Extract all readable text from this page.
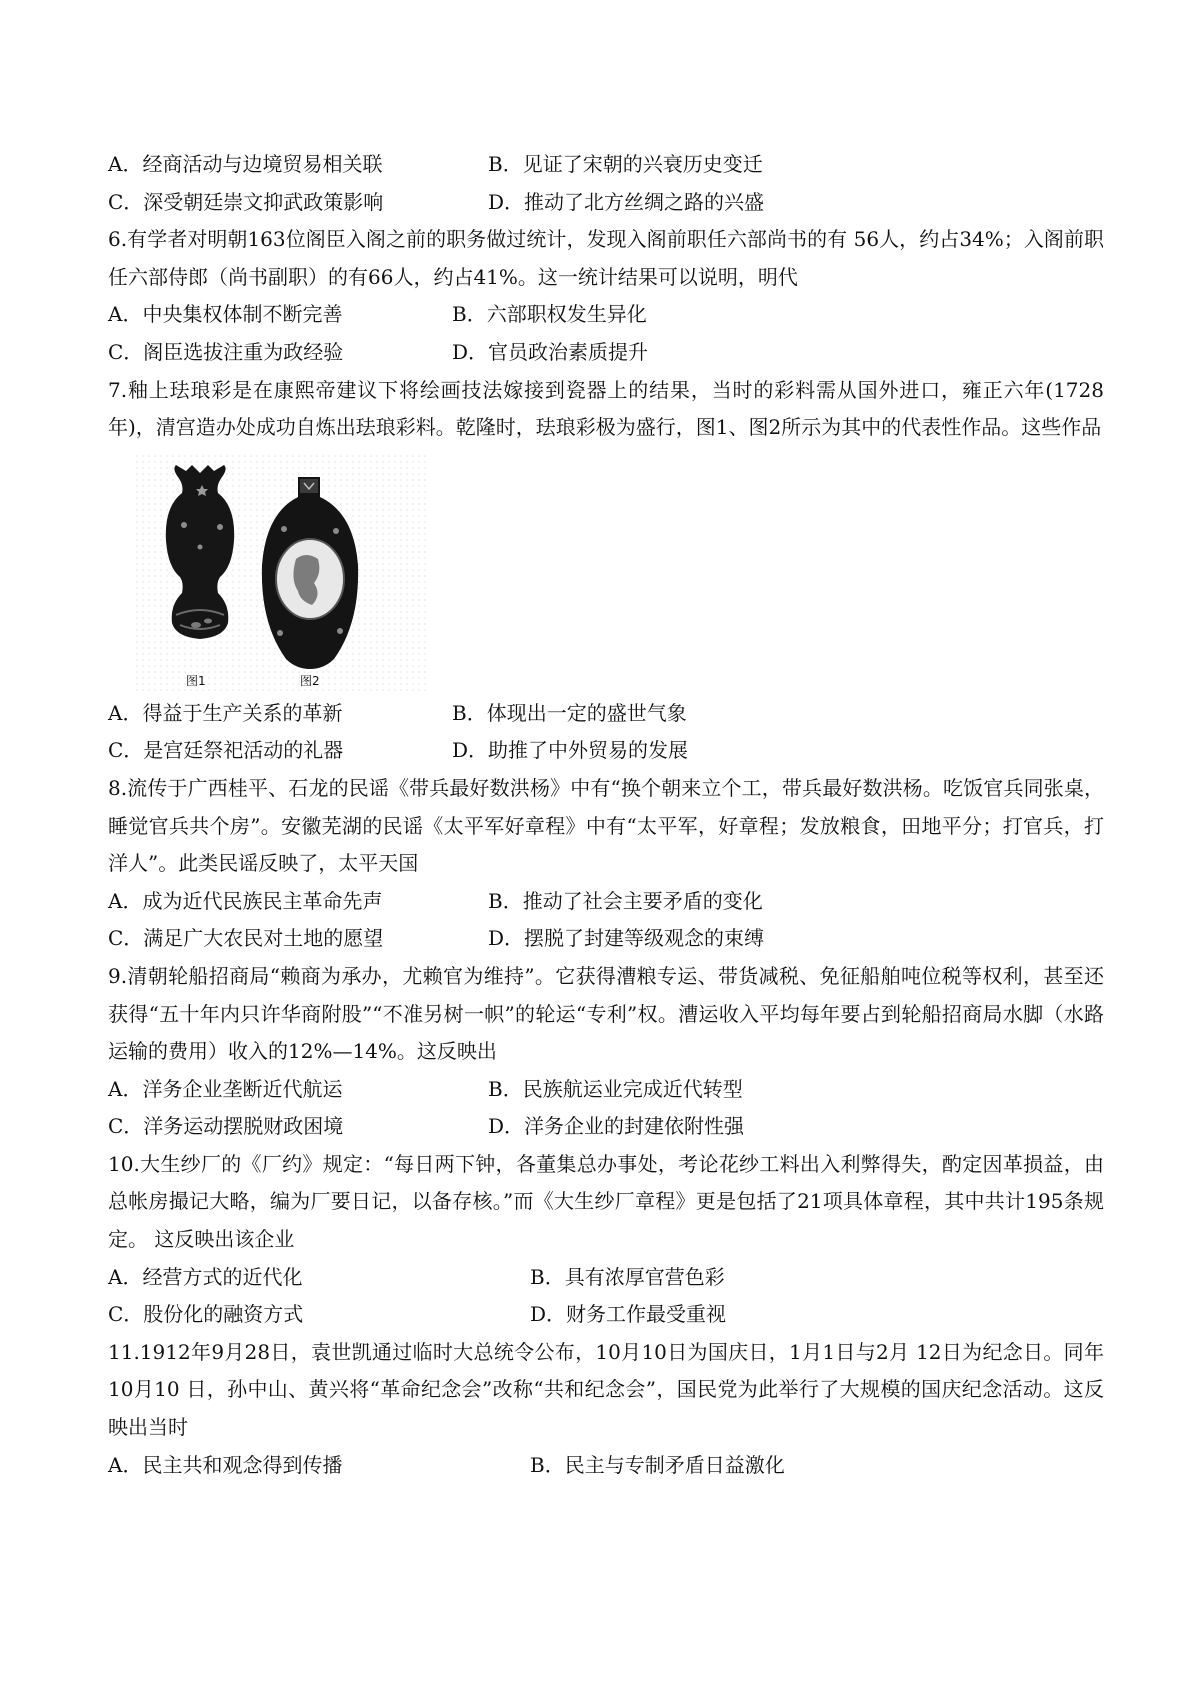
A．经商活动与边境贸易相关联	B．见证了宋朝的兴衰历史变迁
C．深受朝廷崇文抑武政策影响	D．推动了北方丝绸之路的兴盛
6.有学者对明朝163位阁臣入阁之前的职务做过统计，发现入阁前职任六部尚书的有 56人，约占34%；入阁前职任六部侍郎（尚书副职）的有66人，约占41%。这一统计结果可以说明，明代
A．中央集权体制不断完善	B．六部职权发生异化
C．阁臣选拔注重为政经验	D．官员政治素质提升
7.釉上珐琅彩是在康熙帝建议下将绘画技法嫁接到瓷器上的结果，当时的彩料需从国外进口，雍正六年(1728年)，清宫造办处成功自炼出珐琅彩料。乾隆时，珐琅彩极为盛行，图1、图2所示为其中的代表性作品。这些作品
图1	图2
A．得益于生产关系的革新	B．体现出一定的盛世气象
C．是宫廷祭祀活动的礼器	D．助推了中外贸易的发展
8.流传于广西桂平、石龙的民谣《带兵最好数洪杨》中有“换个朝来立个工，带兵最好数洪杨。吃饭官兵同张桌，睡觉官兵共个房”。安徽芜湖的民谣《太平军好章程》中有“太平军，好章程；发放粮食，田地平分；打官兵，打洋人”。此类民谣反映了，太平天国
A．成为近代民族民主革命先声	B．推动了社会主要矛盾的变化
C．满足广大农民对土地的愿望	D．摆脱了封建等级观念的束缚
9.清朝轮船招商局“赖商为承办，尤赖官为维持”。它获得漕粮专运、带货减税、免征船舶吨位税等权利，甚至还获得“五十年内只许华商附股”“不准另树一帜”的轮运“专利”权。漕运收入平均每年要占到轮船招商局水脚（水路运输的费用）收入的12%—14%。这反映出
A．洋务企业垄断近代航运	B．民族航运业完成近代转型
C．洋务运动摆脱财政困境	D．洋务企业的封建依附性强
10.大生纱厂的《厂约》规定：“每日两下钟，各董集总办事处，考论花纱工料出入利弊得失，酌定因革损益，由总帐房撮记大略，编为厂要日记，以备存核。”而《大生纱厂章程》更是包括了21项具体章程，其中共计195条规定。 这反映出该企业
A．经营方式的近代化	B．具有浓厚官营色彩
C．股份化的融资方式	D．财务工作最受重视
11.1912年9月28日，袁世凯通过临时大总统令公布，10月10日为国庆日，1月1日与2月 12日为纪念日。同年10月10 日，孙中山、黄兴将“革命纪念会”改称“共和纪念会”，国民党为此举行了大规模的国庆纪念活动。这反映出当时
A．民主共和观念得到传播	B．民主与专制矛盾日益激化
